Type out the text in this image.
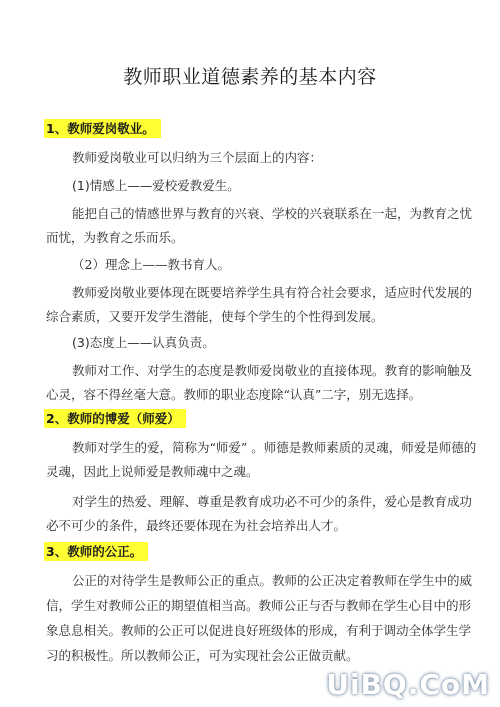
教师职业道德素养的基本内容
1、教师爱岗敬业。
教师爱岗敬业可以归纳为三个层面上的内容：
(1)情感上——爱校爱教爱生。
能把自己的情感世界与教育的兴衰、学校的兴衰联系在一起，为教育之忧
而忧，为教育之乐而乐。
（2）理念上——教书育人。
教师爱岗敬业要体现在既要培养学生具有符合社会要求，适应时代发展的
综合素质，又要开发学生潜能，使每个学生的个性得到发展。
(3)态度上——认真负责。
教师对工作、对学生的态度是教师爱岗敬业的直接体现。教育的影响触及
心灵，容不得丝毫大意。教师的职业态度除“认真”二字，别无选择。
2、教师的博爱（师爱）
教师对学生的爱，简称为“师爱” 。师德是教师素质的灵魂，师爱是师德的
灵魂，因此上说师爱是教师魂中之魂。
对学生的热爱、理解、尊重是教育成功必不可少的条件，爱心是教育成功
必不可少的条件，最终还要体现在为社会培养出人才。
3、教师的公正。
公正的对待学生是教师公正的重点。教师的公正决定着教师在学生中的威
信，学生对教师公正的期望值相当高。教师公正与否与教师在学生心目中的形
象息息相关。教师的公正可以促进良好班级体的形成，有利于调动全体学生学
习的积极性。所以教师公正，可为实现社会公正做贡献。
UiBQ.CoM
